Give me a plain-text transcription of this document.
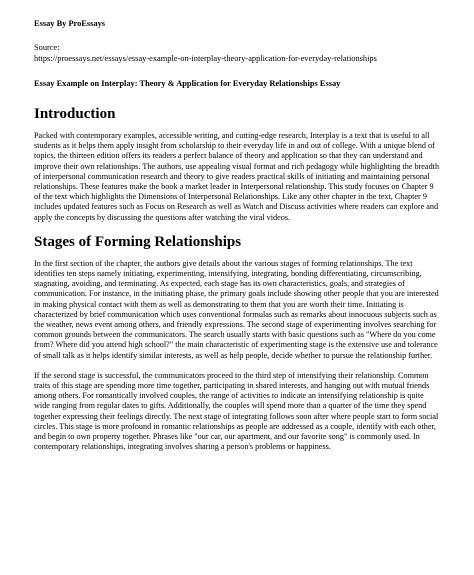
Essay By ProEssays

Source:

https://proessays.net/essays/essay-example-on-interplay-theory-application-for-everyday-relationships

Essay Example on Interplay: Theory & Application for Everyday Relationships Essay

Introduction

Packed with contemporary examples, accessible writing, and cutting-edge research, Interplay is a text that is useful to all students as it helps them apply insight from scholarship to their everyday life in and out of college. With a unique blend of topics, the thirteen edition offers its readers a perfect balance of theory and application so that they can understand and improve their own relationships. The authors, use appealing visual format and rich pedagogy while highlighting the breadth of interpersonal communication research and theory to give readers practical skills of initiating and maintaining personal relationships. These features make the book a market leader in Interpersonal relationship. This study focuses on Chapter 9 of the text which highlights the Dimensions of Interpersonal Relationships. Like any other chapter in the text, Chapter 9 includes updated features such as Focus on Research as well as Watch and Discuss activities where readers can explore and apply the concepts by discussing the questions after watching the viral videos.

Stages of Forming Relationships

In the first section of the chapter, the authors give details about the various stages of forming relationships. The text identifies ten steps namely initiating, experimenting, intensifying, integrating, bonding differentiating, circumscribing, stagnating, avoiding, and terminating. As expected, each stage has its own characteristics, goals, and strategies of communication. For instance, in the initiating phase, the primary goals include showing other people that you are interested in making physical contact with them as well as demonstrating to them that you are worth their time. Initiating is characterized by brief communication which uses conventional formulas such as remarks about innocuous subjects such as the weather, news event among others, and friendly expressions. The second stage of experimenting involves searching for common grounds between the communicators. The search usually starts with basic questions such as "Where do you come from? Where did you attend high school?" the main characteristic of experimenting stage is the extensive use and tolerance of small talk as it helps identify similar interests, as well as help people, decide whether to pursue the relationship further.

If the second stage is successful, the communicators proceed to the third step of intensifying their relationship. Common traits of this stage are spending more time together, participating in shared interests, and hanging out with mutual friends among others. For romantically involved couples, the range of activities to indicate an intensifying relationship is quite wide ranging from regular dates to gifts. Additionally, the couples will spend more than a quarter of the time they spend together expressing their feelings directly. The next stage of integrating follows soon after where people start to form social circles. This stage is more profound in romantic relationships as people are addressed as a couple, identify with each other, and begin to own property together. Phrases like "our car, our apartment, and our favorite song" is commonly used. In contemporary relationships, integrating involves sharing a person's problems or happiness.
